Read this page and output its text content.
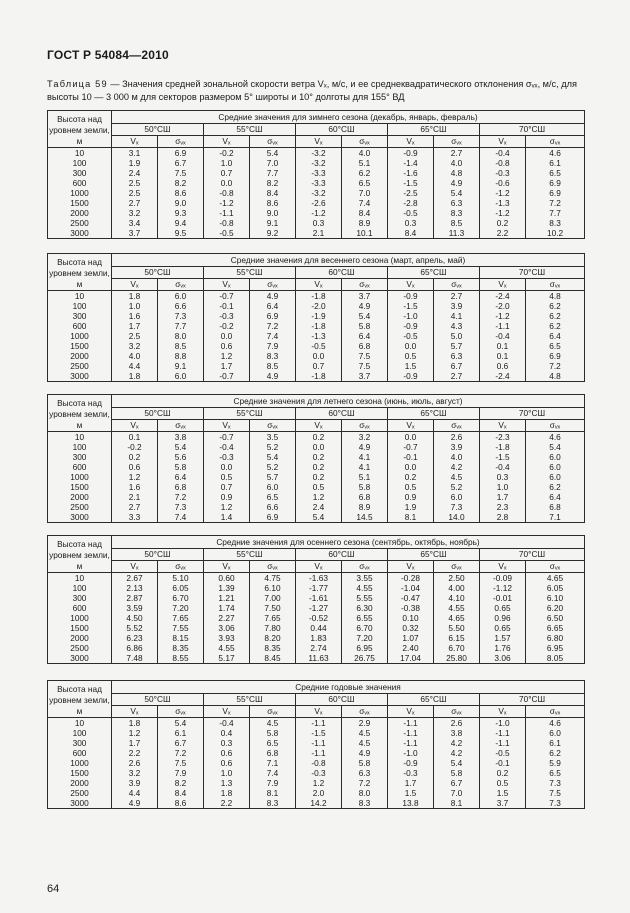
ГОСТ Р 54084—2010
Таблица 59 — Значения средней зональной скорости ветра Vₓ, м/с, и ее среднеквадратического отклонения σᵥₓ, м/с, для высоты 10 — 3 000 м для секторов размером 5° широты и 10° долготы для 155° ВД
Высота над уровнем земли, м	Средние значения для зимнего сезона (декабрь, январь, февраль)									
	50°СШ		55°СШ		60°СШ		65°СШ		70°СШ	
	Vₓ	σᵥₓ	Vₓ	σᵥₓ	Vₓ	σᵥₓ	Vₓ	σᵥₓ	Vₓ	σᵥₓ
10	3.1	6.9	-0.2	5.4	-3.2	4.0	-0.9	2.7	-0.4	4.6
100	1.9	6.7	1.0	7.0	-3.2	5.1	-1.4	4.0	-0.8	6.1
300	2.4	7.5	0.7	7.7	-3.3	6.2	-1.6	4.8	-0.3	6.5
600	2.5	8.2	0.0	8.2	-3.3	6.5	-1.5	4.9	-0.6	6.9
1000	2.5	8.6	-0.8	8.4	-3.2	7.0	-2.5	5.4	-1.2	6.9
1500	2.7	9.0	-1.2	8.6	-2.6	7.4	-2.8	6.3	-1.3	7.2
2000	3.2	9.3	-1.1	9.0	-1.2	8.4	-0.5	8.3	-1.2	7.7
2500	3.4	9.4	-0.8	9.1	0.3	8.9	0.3	8.5	0.2	8.3
3000	3.7	9.5	-0.5	9.2	2.1	10.1	8.4	11.3	2.2	10.2
Высота над уровнем земли, м	Средние значения для весеннего сезона (март, апрель, май)									
	50°СШ		55°СШ		60°СШ		65°СШ		70°СШ	
	Vₓ	σᵥₓ	Vₓ	σᵥₓ	Vₓ	σᵥₓ	Vₓ	σᵥₓ	Vₓ	σᵥₓ
10	1.8	6.0	-0.7	4.9	-1.8	3.7	-0.9	2.7	-2.4	4.8
100	1.0	6.6	-0.1	6.4	-2.0	4.9	-1.5	3.9	-2.0	6.2
300	1.6	7.3	-0.3	6.9	-1.9	5.4	-1.0	4.1	-1.2	6.2
600	1.7	7.7	-0.2	7.2	-1.8	5.8	-0.9	4.3	-1.1	6.2
1000	2.5	8.0	0.0	7.4	-1.3	6.4	-0.5	5.0	-0.4	6.4
1500	3.2	8.5	0.6	7.9	-0.5	6.8	0.0	5.7	0.1	6.5
2000	4.0	8.8	1.2	8.3	0.0	7.5	0.5	6.3	0.1	6.9
2500	4.4	9.1	1.7	8.5	0.7	7.5	1.5	6.7	0.6	7.2
3000	1.8	6.0	-0.7	4.9	-1.8	3.7	-0.9	2.7	-2.4	4.8
Высота над уровнем земли, м	Средние значения для летнего сезона (июнь, июль, август)									
	50°СШ		55°СШ		60°СШ		65°СШ		70°СШ	
	Vₓ	σᵥₓ	Vₓ	σᵥₓ	Vₓ	σᵥₓ	Vₓ	σᵥₓ	Vₓ	σᵥₓ
10	0.1	3.8	-0.7	3.5	0.2	3.2	0.0	2.6	-2.3	4.6
100	-0.2	5.4	-0.4	5.2	0.0	4.9	-0.7	3.9	-1.8	5.4
300	0.2	5.6	-0.3	5.4	0.2	4.1	-0.1	4.0	-1.5	6.0
600	0.6	5.8	0.0	5.2	0.2	4.1	0.0	4.2	-0.4	6.0
1000	1.2	6.4	0.5	5.7	0.2	5.1	0.2	4.5	0.3	6.0
1500	1.6	6.8	0.7	6.0	0.5	5.8	0.5	5.2	1.0	6.2
2000	2.1	7.2	0.9	6.5	1.2	6.8	0.9	6.0	1.7	6.4
2500	2.7	7.3	1.2	6.6	2.4	8.9	1.9	7.3	2.3	6.8
3000	3.3	7.4	1.4	6.9	5.4	14.5	8.1	14.0	2.8	7.1
Высота над уровнем земли, м	Средние значения для осеннего сезона (сентябрь, октябрь, ноябрь)									
	50°СШ		55°СШ		60°СШ		65°СШ		70°СШ	
	Vₓ	σᵥₓ	Vₓ	σᵥₓ	Vₓ	σᵥₓ	Vₓ	σᵥₓ	Vₓ	σᵥₓ
10	2.67	5.10	0.60	4.75	-1.63	3.55	-0.28	2.50	-0.09	4.65
100	2.13	6.05	1.39	6.10	-1.77	4.55	-1.04	4.00	-1.12	6.05
300	2.87	6.70	1.21	7.00	-1.61	5.55	-0.47	4.10	-0.01	6.10
600	3.59	7.20	1.74	7.50	-1.27	6.30	-0.38	4.55	0.65	6.20
1000	4.50	7.65	2.27	7.65	-0.52	6.55	0.10	4.65	0.96	6.50
1500	5.52	7.55	3.06	7.80	0.44	6.70	0.32	5.50	0.65	6.65
2000	6.23	8.15	3.93	8.20	1.83	7.20	1.07	6.15	1.57	6.80
2500	6.86	8.35	4.55	8.35	2.74	6.95	2.40	6.70	1.76	6.95
3000	7.48	8.55	5.17	8.45	11.63	26.75	17.04	25.80	3.06	8.05
Высота над уровнем земли, м	Средние годовые значения									
	50°СШ		55°СШ		60°СШ		65°СШ		70°СШ	
	Vₓ	σᵥₓ	Vₓ	σᵥₓ	Vₓ	σᵥₓ	Vₓ	σᵥₓ	Vₓ	σᵥₓ
10	1.8	5.4	-0.4	4.5	-1.1	2.9	-1.1	2.6	-1.0	4.6
100	1.2	6.1	0.4	5.8	-1.5	4.5	-1.1	3.8	-1.1	6.0
300	1.7	6.7	0.3	6.5	-1.1	4.5	-1.1	4.2	-1.1	6.1
600	2.2	7.2	0.6	6.8	-1.1	4.9	-1.0	4.2	-0.5	6.2
1000	2.6	7.5	0.6	7.1	-0.8	5.8	-0.9	5.4	-0.1	5.9
1500	3.2	7.9	1.0	7.4	-0.3	6.3	-0.3	5.8	0.2	6.5
2000	3.9	8.2	1.3	7.9	1.2	7.2	1.7	6.7	0.5	7.3
2500	4.4	8.4	1.8	8.1	2.0	8.0	1.5	7.0	1.5	7.5
3000	4.9	8.6	2.2	8.3	14.2	8.3	13.8	8.1	3.7	7.3
64
